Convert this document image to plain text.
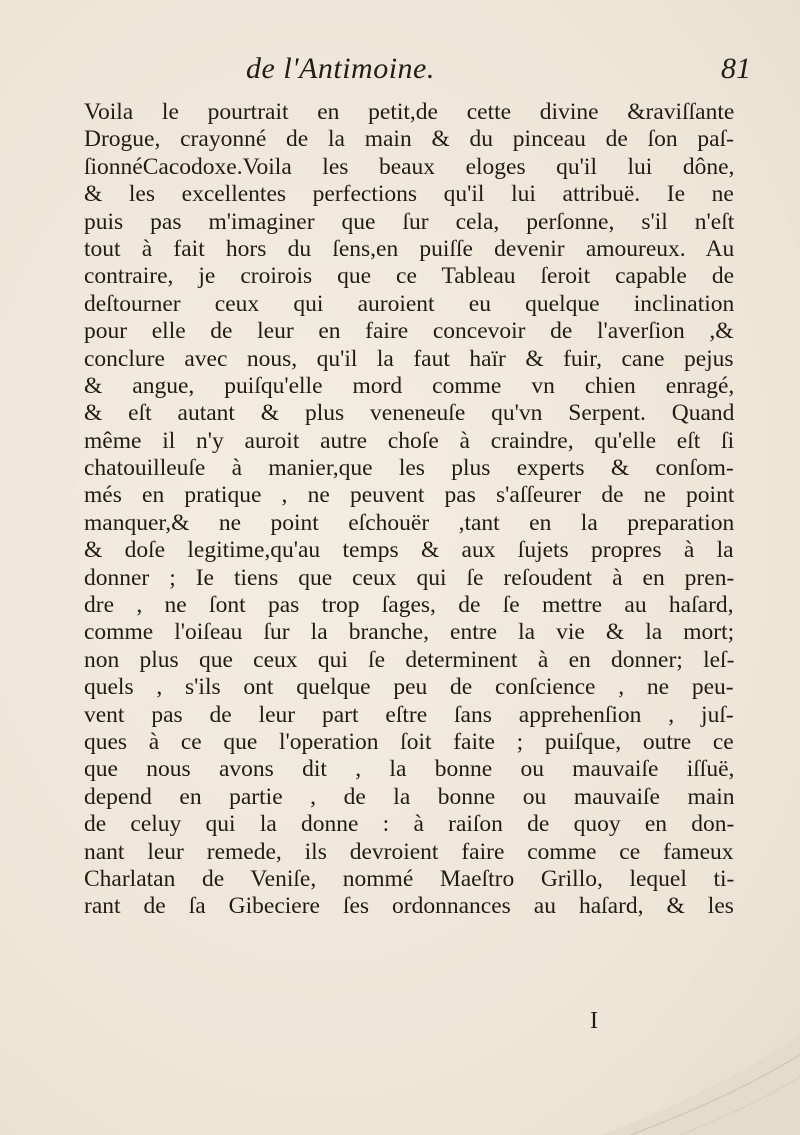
de l'Antimoine.	81
Voila le pourtrait en petit,de cette divine &raviſſante
Drogue, crayonné de la main & du pinceau de ſon paſ-
ſionnéCacodoxe.Voila les beaux eloges qu'il lui dône,
& les excellentes perfections qu'il lui attribuë. Ie ne
puis pas m'imaginer que ſur cela, perſonne, s'il n'eſt
tout à fait hors du ſens,en puiſſe devenir amoureux. Au
contraire, je croirois que ce Tableau ſeroit capable de
deſtourner ceux qui auroient eu quelque inclination
pour elle de leur en faire concevoir de l'averſion ,&
conclure avec nous, qu'il la faut haïr & fuir, cane pejus
& angue, puiſqu'elle mord comme vn chien enragé,
& eſt autant & plus veneneuſe qu'vn Serpent. Quand
même il n'y auroit autre choſe à craindre, qu'elle eſt ſi
chatouilleuſe à manier,que les plus experts & conſom-
més en pratique , ne peuvent pas s'aſſeurer de ne point
manquer,& ne point eſchouër ,tant en la preparation
& doſe legitime,qu'au temps & aux ſujets propres à la
donner ; Ie tiens que ceux qui ſe reſoudent à en pren-
dre , ne ſont pas trop ſages, de ſe mettre au haſard,
comme l'oiſeau ſur la branche, entre la vie & la mort;
non plus que ceux qui ſe determinent à en donner; leſ-
quels , s'ils ont quelque peu de conſcience , ne peu-
vent pas de leur part eſtre ſans apprehenſion , juſ-
ques à ce que l'operation ſoit faite ; puiſque, outre ce
que nous avons dit , la bonne ou mauvaiſe iſſuë,
depend en partie , de la bonne ou mauvaiſe main
de celuy qui la donne : à raiſon de quoy en don-
nant leur remede, ils devroient faire comme ce fameux
Charlatan de Veniſe, nommé Maeſtro Grillo, lequel ti-
rant de ſa Gibeciere ſes ordonnances au haſard, & les
I
